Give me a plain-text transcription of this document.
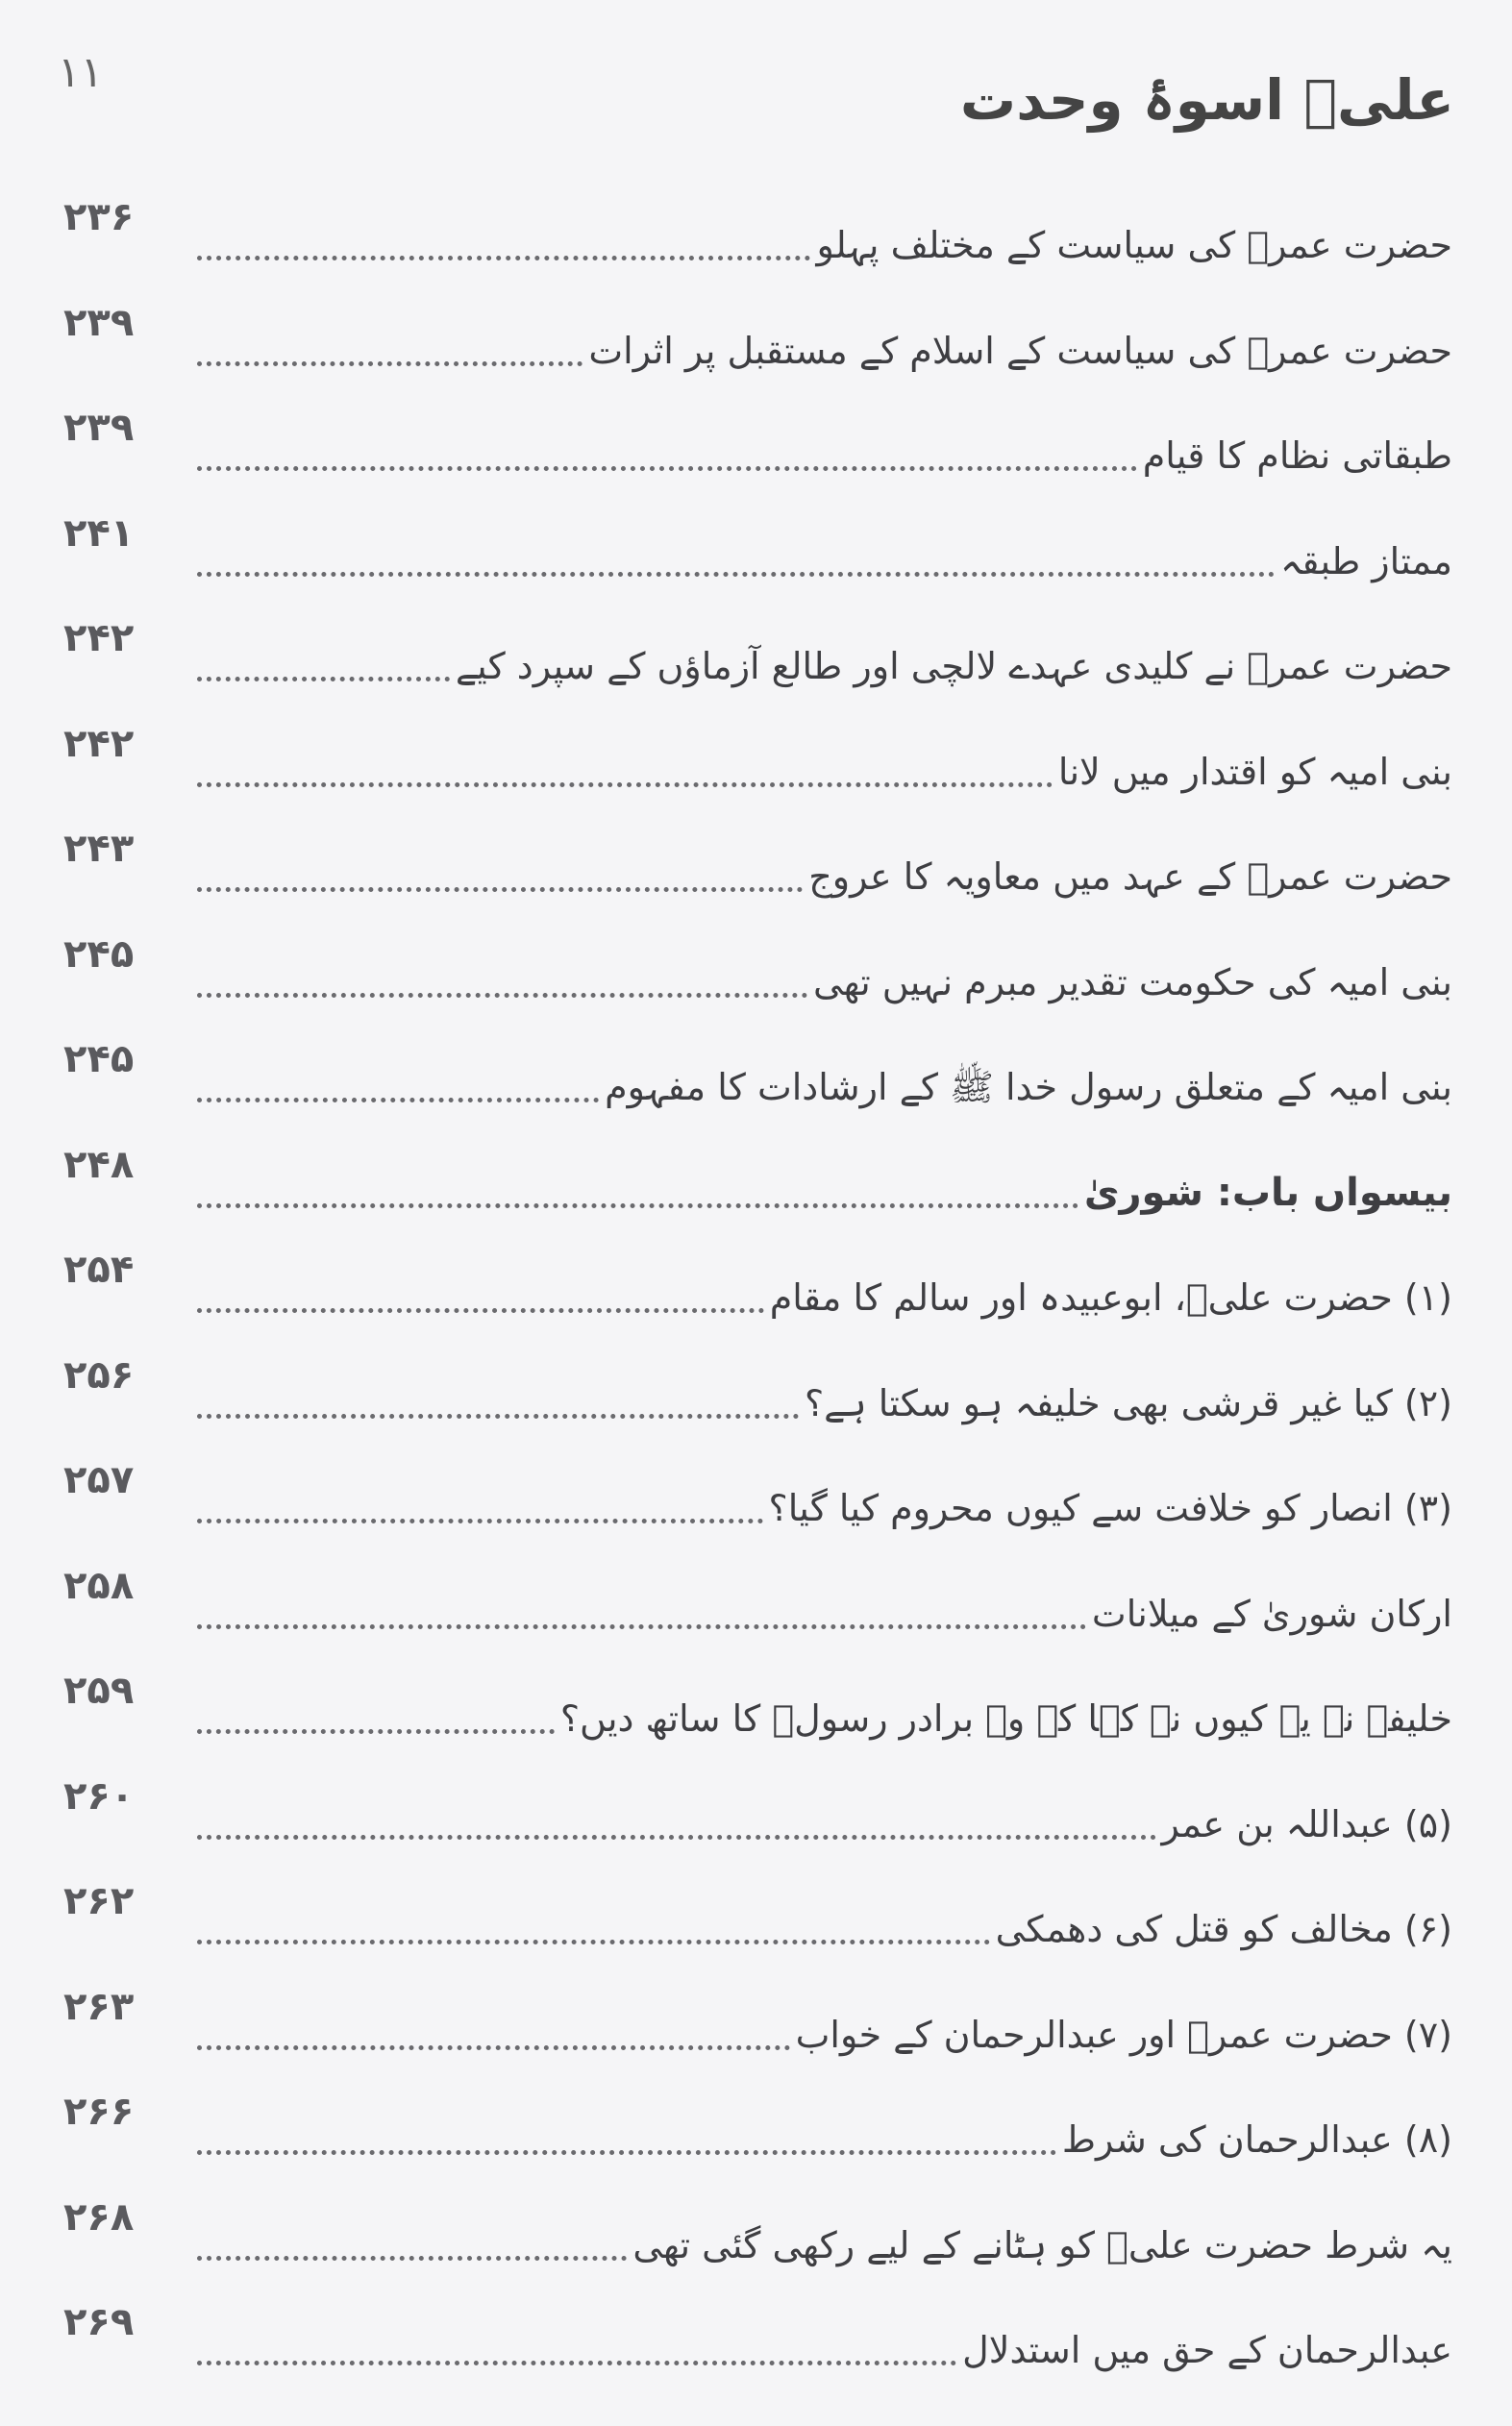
۱۱	علیؑ اسوۂ وحدت
۲۳۶
حضرت عمرؓ کی سیاست کے مختلف پہلو
۲۳۹
حضرت عمرؓ کی سیاست کے اسلام کے مستقبل پر اثرات
۲۳۹
طبقاتی نظام کا قیام
۲۴۱
ممتاز طبقہ
۲۴۲
حضرت عمرؓ نے کلیدی عہدے لالچی اور طالع آزماؤں کے سپرد کیے
۲۴۲
بنی امیہ کو اقتدار میں لانا
۲۴۳
حضرت عمرؓ کے عہد میں معاویہ کا عروج
۲۴۵
بنی امیہ کی حکومت تقدیر مبرم نہیں تھی
۲۴۵
بنی امیہ کے متعلق رسول خدا ﷺ کے ارشادات کا مفہوم
۲۴۸
بیسواں باب: شوریٰ
۲۵۴
(۱) حضرت علیؑ، ابوعبیدہ اور سالم کا مقام
۲۵۶
(۲) کیا غیر قرشی بھی خلیفہ ہو سکتا ہے؟
۲۵۷
(۳) انصار کو خلافت سے کیوں محروم کیا گیا؟
۲۵۸
ارکان شوریٰ کے میلانات
۲۵۹
خلیفہ نے یہ کیوں نہ کہا کہ وہ برادر رسولؐ کا ساتھ دیں؟
۲۶۰
(۵) عبداللہ بن عمر
۲۶۲
(۶) مخالف کو قتل کی دھمکی
۲۶۳
(۷) حضرت عمرؓ اور عبدالرحمان کے خواب
۲۶۶
(۸) عبدالرحمان کی شرط
۲۶۸
یہ شرط حضرت علیؑ کو ہٹانے کے لیے رکھی گئی تھی
۲۶۹
عبدالرحمان کے حق میں استدلال
